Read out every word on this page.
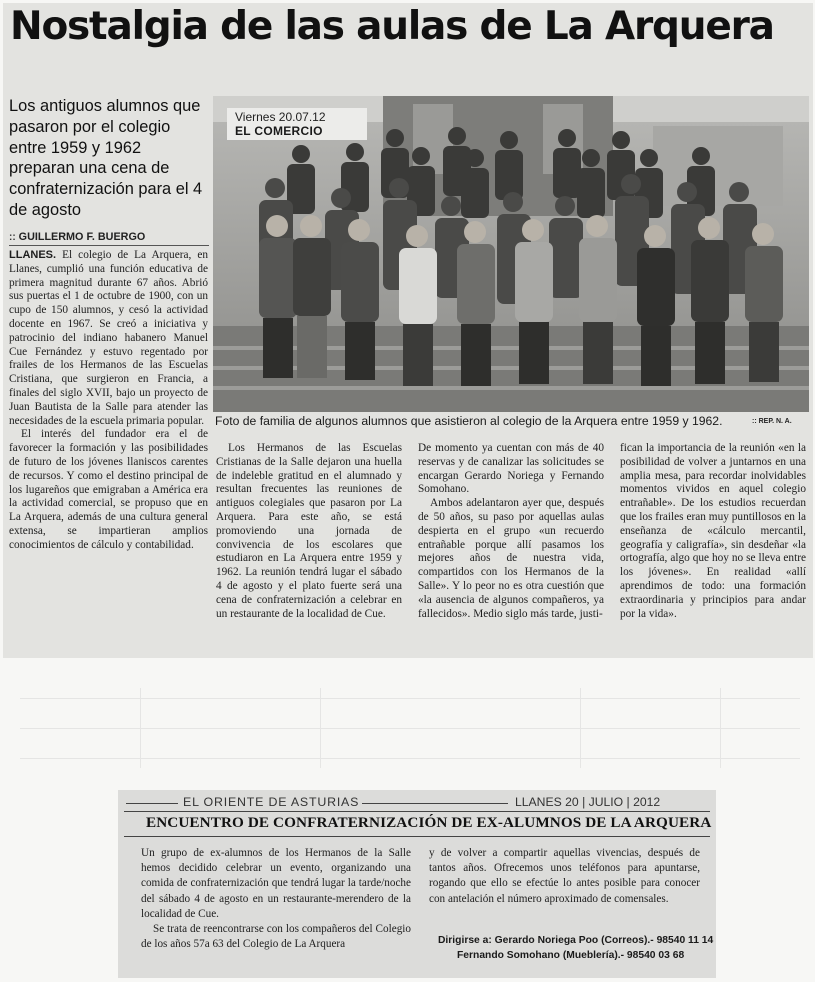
Nostalgia de las aulas de La Arquera
Los antiguos alumnos que pasaron por el colegio entre 1959 y 1962 preparan una cena de confraternización para el 4 de agosto
:: GUILLERMO F. BUERGO

LLANES. El colegio de La Arquera, en Llanes, cumplió una función educativa de primera magnitud durante 67 años. Abrió sus puertas el 1 de octubre de 1900, con un cupo de 150 alumnos, y cesó la actividad docente en 1967. Se creó a iniciativa y patrocinio del indiano habanero Manuel Cue Fernández y estuvo regentado por frailes de los Hermanos de las Escuelas Cristiana, que surgieron en Francia, a finales del siglo XVII, bajo un proyecto de Juan Bautista de la Salle para atender las necesidades de la escuela primaria popular.

El interés del fundador era el de favorecer la formación y las posibilidades de futuro de los jóvenes llaniscos carentes de recursos. Y como el destino principal de los lugareños que emigraban a América era la actividad comercial, se propuso que en La Arquera, además de una cultura general extensa, se impartieran amplios conocimientos de cálculo y contabilidad.

Viernes 20.07.12
EL COMERCIO
Foto de familia de algunos alumnos que asistieron al colegio de la Arquera entre 1959 y 1962.	:: REP. N. A.

Los Hermanos de las Escuelas Cristianas de la Salle dejaron una huella de indeleble gratitud en el alumnado y resultan frecuentes las reuniones de antiguos colegiales que pasaron por La Arquera. Para este año, se está promoviendo una jornada de convivencia de los escolares que estudiaron en La Arquera entre 1959 y 1962. La reunión tendrá lugar el sábado 4 de agosto y el plato fuerte será una cena de confraternización a celebrar en un restaurante de la localidad de Cue.

De momento ya cuentan con más de 40 reservas y de canalizar las solicitudes se encargan Gerardo Noriega y Fernando Somohano.

Ambos adelantaron ayer que, después de 50 años, su paso por aquellas aulas despierta en el grupo «un recuerdo entrañable porque allí pasamos los mejores años de nuestra vida, compartidos con los Hermanos de la Salle». Y lo peor no es otra cuestión que «la ausencia de algunos compañeros, ya fallecidos». Medio siglo más tarde, justi-

fican la importancia de la reunión «en la posibilidad de volver a juntarnos en una amplia mesa, para recordar inolvidables momentos vividos en aquel colegio entrañable». De los estudios recuerdan que los frailes eran muy puntillosos en la enseñanza de «cálculo mercantil, geografía y caligrafía», sin desdeñar «la ortografía, algo que hoy no se lleva entre los jóvenes». En realidad «allí aprendimos de todo: una formación extraordinaria y principios para andar por la vida».

EL ORIENTE DE ASTURIAS	LLANES 20 | JULIO | 2012
ENCUENTRO DE CONFRATERNIZACIÓN DE EX-ALUMNOS DE LA ARQUERA

Un grupo de ex-alumnos de los Hermanos de la Salle hemos decidido celebrar un evento, organizando una comida de confraternización que tendrá lugar la tarde/noche del sábado 4 de agosto en un restaurante-merendero de la localidad de Cue.

Se trata de reencontrarse con los compañeros del Colegio de los años 57a 63 del Colegio de La Arquera

y de volver a compartir aquellas vivencias, después de tantos años. Ofrecemos unos teléfonos para apuntarse, rogando que ello se efectúe lo antes posible para conocer con antelación el número aproximado de comensales.

Dirigirse a: Gerardo Noriega Poo (Correos).- 98540 11 14
Fernando Somohano (Mueblería).- 98540 03 68
